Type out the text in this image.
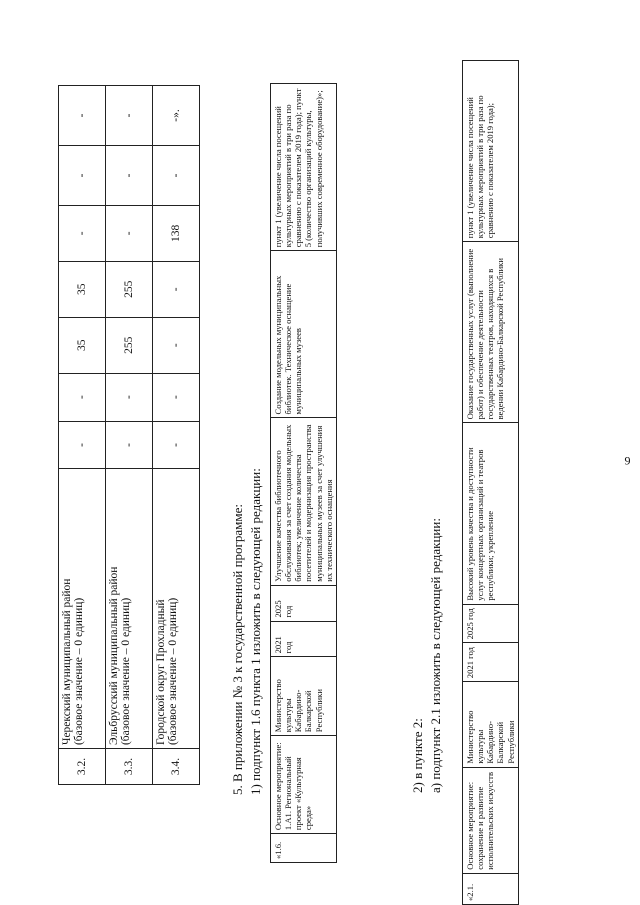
9
3.2.	Черекский муниципальный район (базовое значение – 0 единиц)	-	-	35	35	-	-	-
3.3.	Эльбрусский муниципальный район (базовое значение – 0 единиц)	-	-	255	255	-	-	-
3.4.	Городской округ Прохладный (базовое значение – 0 единиц)	-	-	-	-	138	-	-».
5. В приложении № 3 к государственной программе: 1) подпункт 1.6 пункта 1 изложить в следующей редакции:
«1.6.	Основное мероприятие: 1.А1. Региональный проект «Культурная среда»	Министерство культуры Кабардино-Балкарской Республики	2021 год	2025 год	Улучшение качества библиотечного обслуживания за счет создания модельных библиотек; увеличение количества посетителей и модернизация пространства муниципальных музеев за счет улучшения их технического оснащения	Создание модельных муниципальных библиотек. Техническое оснащение муниципальных музеев	пункт 1 (увеличение числа посещений культурных мероприятий в три раза по сравнению с показателем 2019 года); пункт 5 (количество организаций культуры, получивших современное оборудование)»;
2) в пункте 2: а) подпункт 2.1 изложить в следующей редакции:
«2.1.	Основное мероприятие: сохранение и развитие исполнительских искусств	Министерство культуры Кабардино-Балкарской Республики	2021 год	2025 год	Высокий уровень качества и доступности услуг концертных организаций и театров республики; укрепление	Оказание государственных услуг (выполнение работ) и обеспечение деятельности государственных театров, находящихся в ведении Кабардино-Балкарской Республики	пункт 1 (увеличение числа посещений культурных мероприятий в три раза по сравнению с показателем 2019 года);
